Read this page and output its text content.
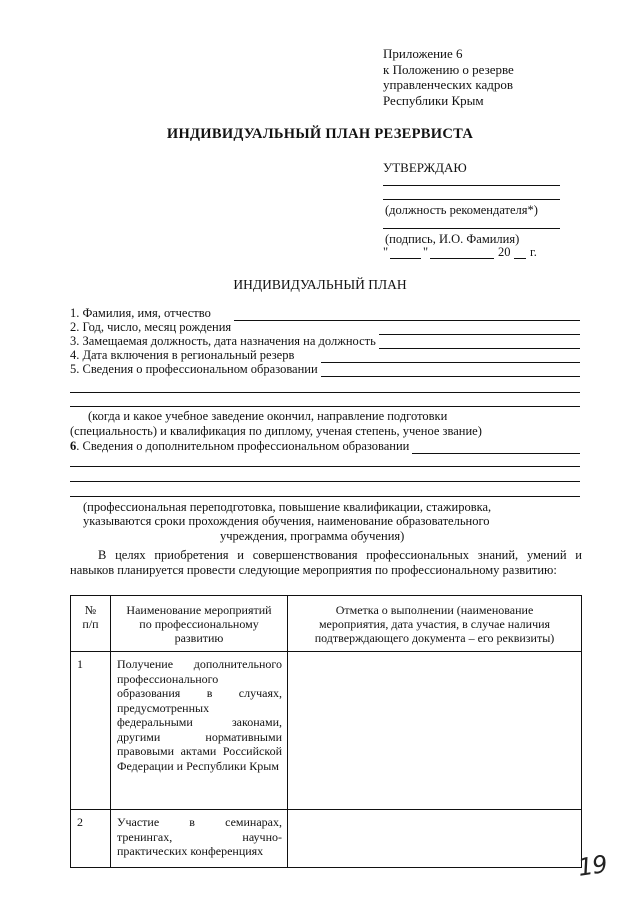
Приложение 6
к Положению о резерве
управленческих кадров
Республики Крым
ИНДИВИДУАЛЬНЫЙ ПЛАН РЕЗЕРВИСТА
УТВЕРЖДАЮ
(должность рекомендателя*)
(подпись, И.О. Фамилия)
"	"	20 г.
ИНДИВИДУАЛЬНЫЙ ПЛАН
1. Фамилия, имя, отчество
2. Год, число, месяц рождения
3. Замещаемая должность, дата назначения на должность
4. Дата включения в региональный резерв
5. Сведения о профессиональном образовании
(когда и какое учебное заведение окончил, направление подготовки
(специальность) и квалификация по диплому, ученая степень, ученое звание)
6. Сведения о дополнительном профессиональном образовании
(профессиональная переподготовка, повышение квалификации, стажировка,
указываются сроки прохождения обучения, наименование образовательного
учреждения, программа обучения)
В целях приобретения и совершенствования профессиональных знаний, умений и навыков планируется провести следующие мероприятия по профессиональному развитию:
№ п/п	Наименование мероприятий по профессиональному развитию	Отметка о выполнении (наименование мероприятия, дата участия, в случае наличия подтверждающего документа – его реквизиты)

1	Получение дополнительного профессионального образования в случаях, предусмотренных федеральными законами, другими нормативными правовыми актами Российской Федерации и Республики Крым	

2	Участие в семинарах, тренингах, научно-практических конференциях	
		19
